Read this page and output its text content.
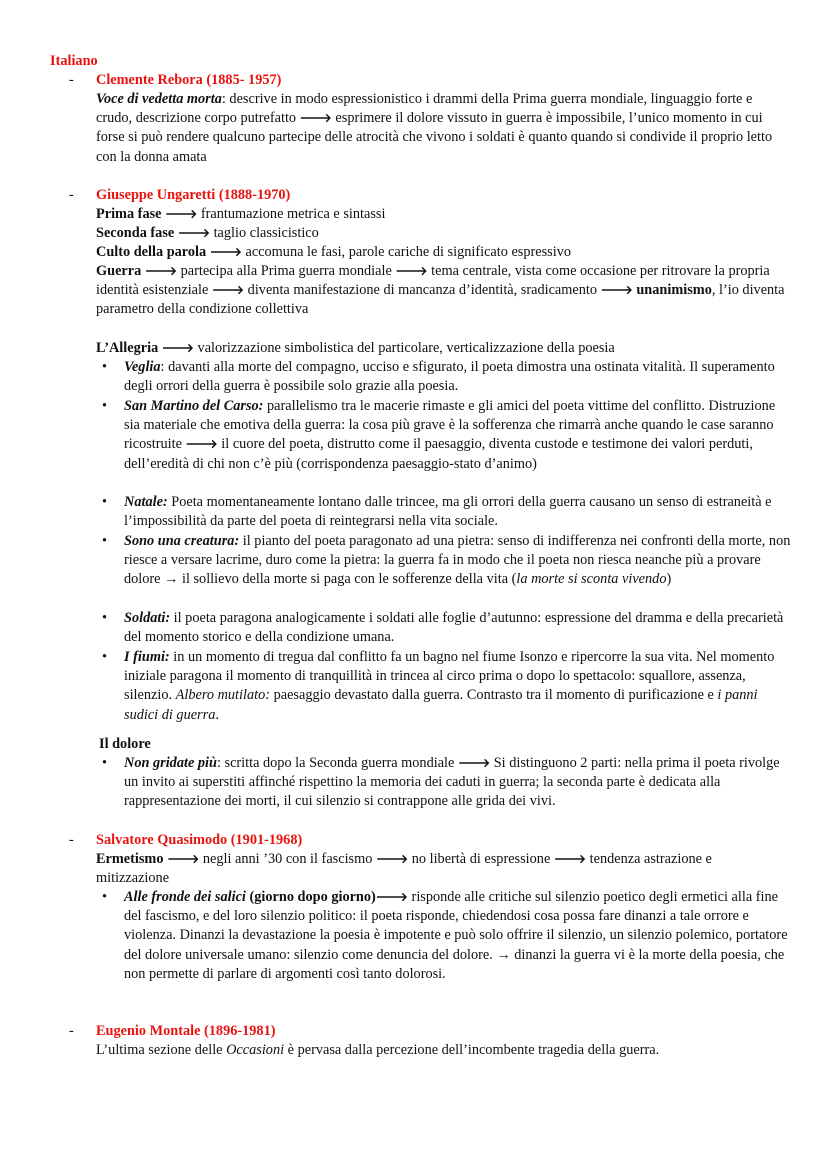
Italiano
- Clemente Rebora (1885- 1957)
Voce di vedetta morta: descrive in modo espressionistico i drammi della Prima guerra mondiale, linguaggio forte e crudo, descrizione corpo putrefatto 🡒 esprimere il dolore vissuto in guerra è impossibile, l’unico momento in cui forse si può rendere qualcuno partecipe delle atrocità che vivono i soldati è quanto quando si condivide il proprio letto con la donna amata
- Giuseppe Ungaretti (1888-1970)
Prima fase 🡒 frantumazione metrica e sintassi
Seconda fase 🡒 taglio classicistico
Culto della parola 🡒 accomuna le fasi, parole cariche di significato espressivo
Guerra 🡒 partecipa alla Prima guerra mondiale 🡒 tema centrale, vista come occasione per ritrovare la propria identità esistenziale 🡒 diventa manifestazione di mancanza d’identità, sradicamento 🡒 unanimismo, l’io diventa parametro della condizione collettiva
L’Allegria 🡒 valorizzazione simbolistica del particolare, verticalizzazione della poesia
• Veglia: davanti alla morte del compagno, ucciso e sfigurato, il poeta dimostra una ostinata vitalità. Il superamento degli orrori della guerra è possibile solo grazie alla poesia.
• San Martino del Carso: parallelismo tra le macerie rimaste e gli amici del poeta vittime del conflitto. Distruzione sia materiale che emotiva della guerra: la cosa più grave è la sofferenza che rimarrà anche quando le case saranno ricostruite 🡒 il cuore del poeta, distrutto come il paesaggio, diventa custode e testimone dei valori perduti, dell’eredità di chi non c’è più (corrispondenza paesaggio-stato d’animo)
• Natale: Poeta momentaneamente lontano dalle trincee, ma gli orrori della guerra causano un senso di estraneità e l’impossibilità da parte del poeta di reintegrarsi nella vita sociale.
• Sono una creatura: il pianto del poeta paragonato ad una pietra: senso di indifferenza nei confronti della morte, non riesce a versare lacrime, duro come la pietra: la guerra fa in modo che il poeta non riesca neanche più a provare dolore → il sollievo della morte si paga con le sofferenze della vita (la morte si sconta vivendo)
• Soldati: il poeta paragona analogicamente i soldati alle foglie d’autunno: espressione del dramma e della precarietà del momento storico e della condizione umana.
• I fiumi: in un momento di tregua dal conflitto fa un bagno nel fiume Isonzo e ripercorre la sua vita. Nel momento iniziale paragona il momento di tranquillità in trincea al circo prima o dopo lo spettacolo: squallore, assenza, silenzio. Albero mutilato: paesaggio devastato dalla guerra. Contrasto tra il momento di purificazione e i panni sudici di guerra.
Il dolore
• Non gridate più: scritta dopo la Seconda guerra mondiale 🡒 Si distinguono 2 parti: nella prima il poeta rivolge un invito ai superstiti affinché rispettino la memoria dei caduti in guerra; la seconda parte è dedicata alla rappresentazione dei morti, il cui silenzio si contrappone alle grida dei vivi.
- Salvatore Quasimodo (1901-1968)
Ermetismo 🡒 negli anni ’30 con il fascismo 🡒 no libertà di espressione 🡒 tendenza astrazione e mitizzazione
• Alle fronde dei salici (giorno dopo giorno)🡒 risponde alle critiche sul silenzio poetico degli ermetici alla fine del fascismo, e del loro silenzio politico: il poeta risponde, chiedendosi cosa possa fare dinanzi a tale orrore e violenza. Dinanzi la devastazione la poesia è impotente e può solo offrire il silenzio, un silenzio polemico, portatore del dolore universale umano: silenzio come denuncia del dolore. → dinanzi la guerra vi è la morte della poesia, che non permette di parlare di argomenti così tanto dolorosi.
- Eugenio Montale (1896-1981)
L’ultima sezione delle Occasioni è pervasa dalla percezione dell’incombente tragedia della guerra.
